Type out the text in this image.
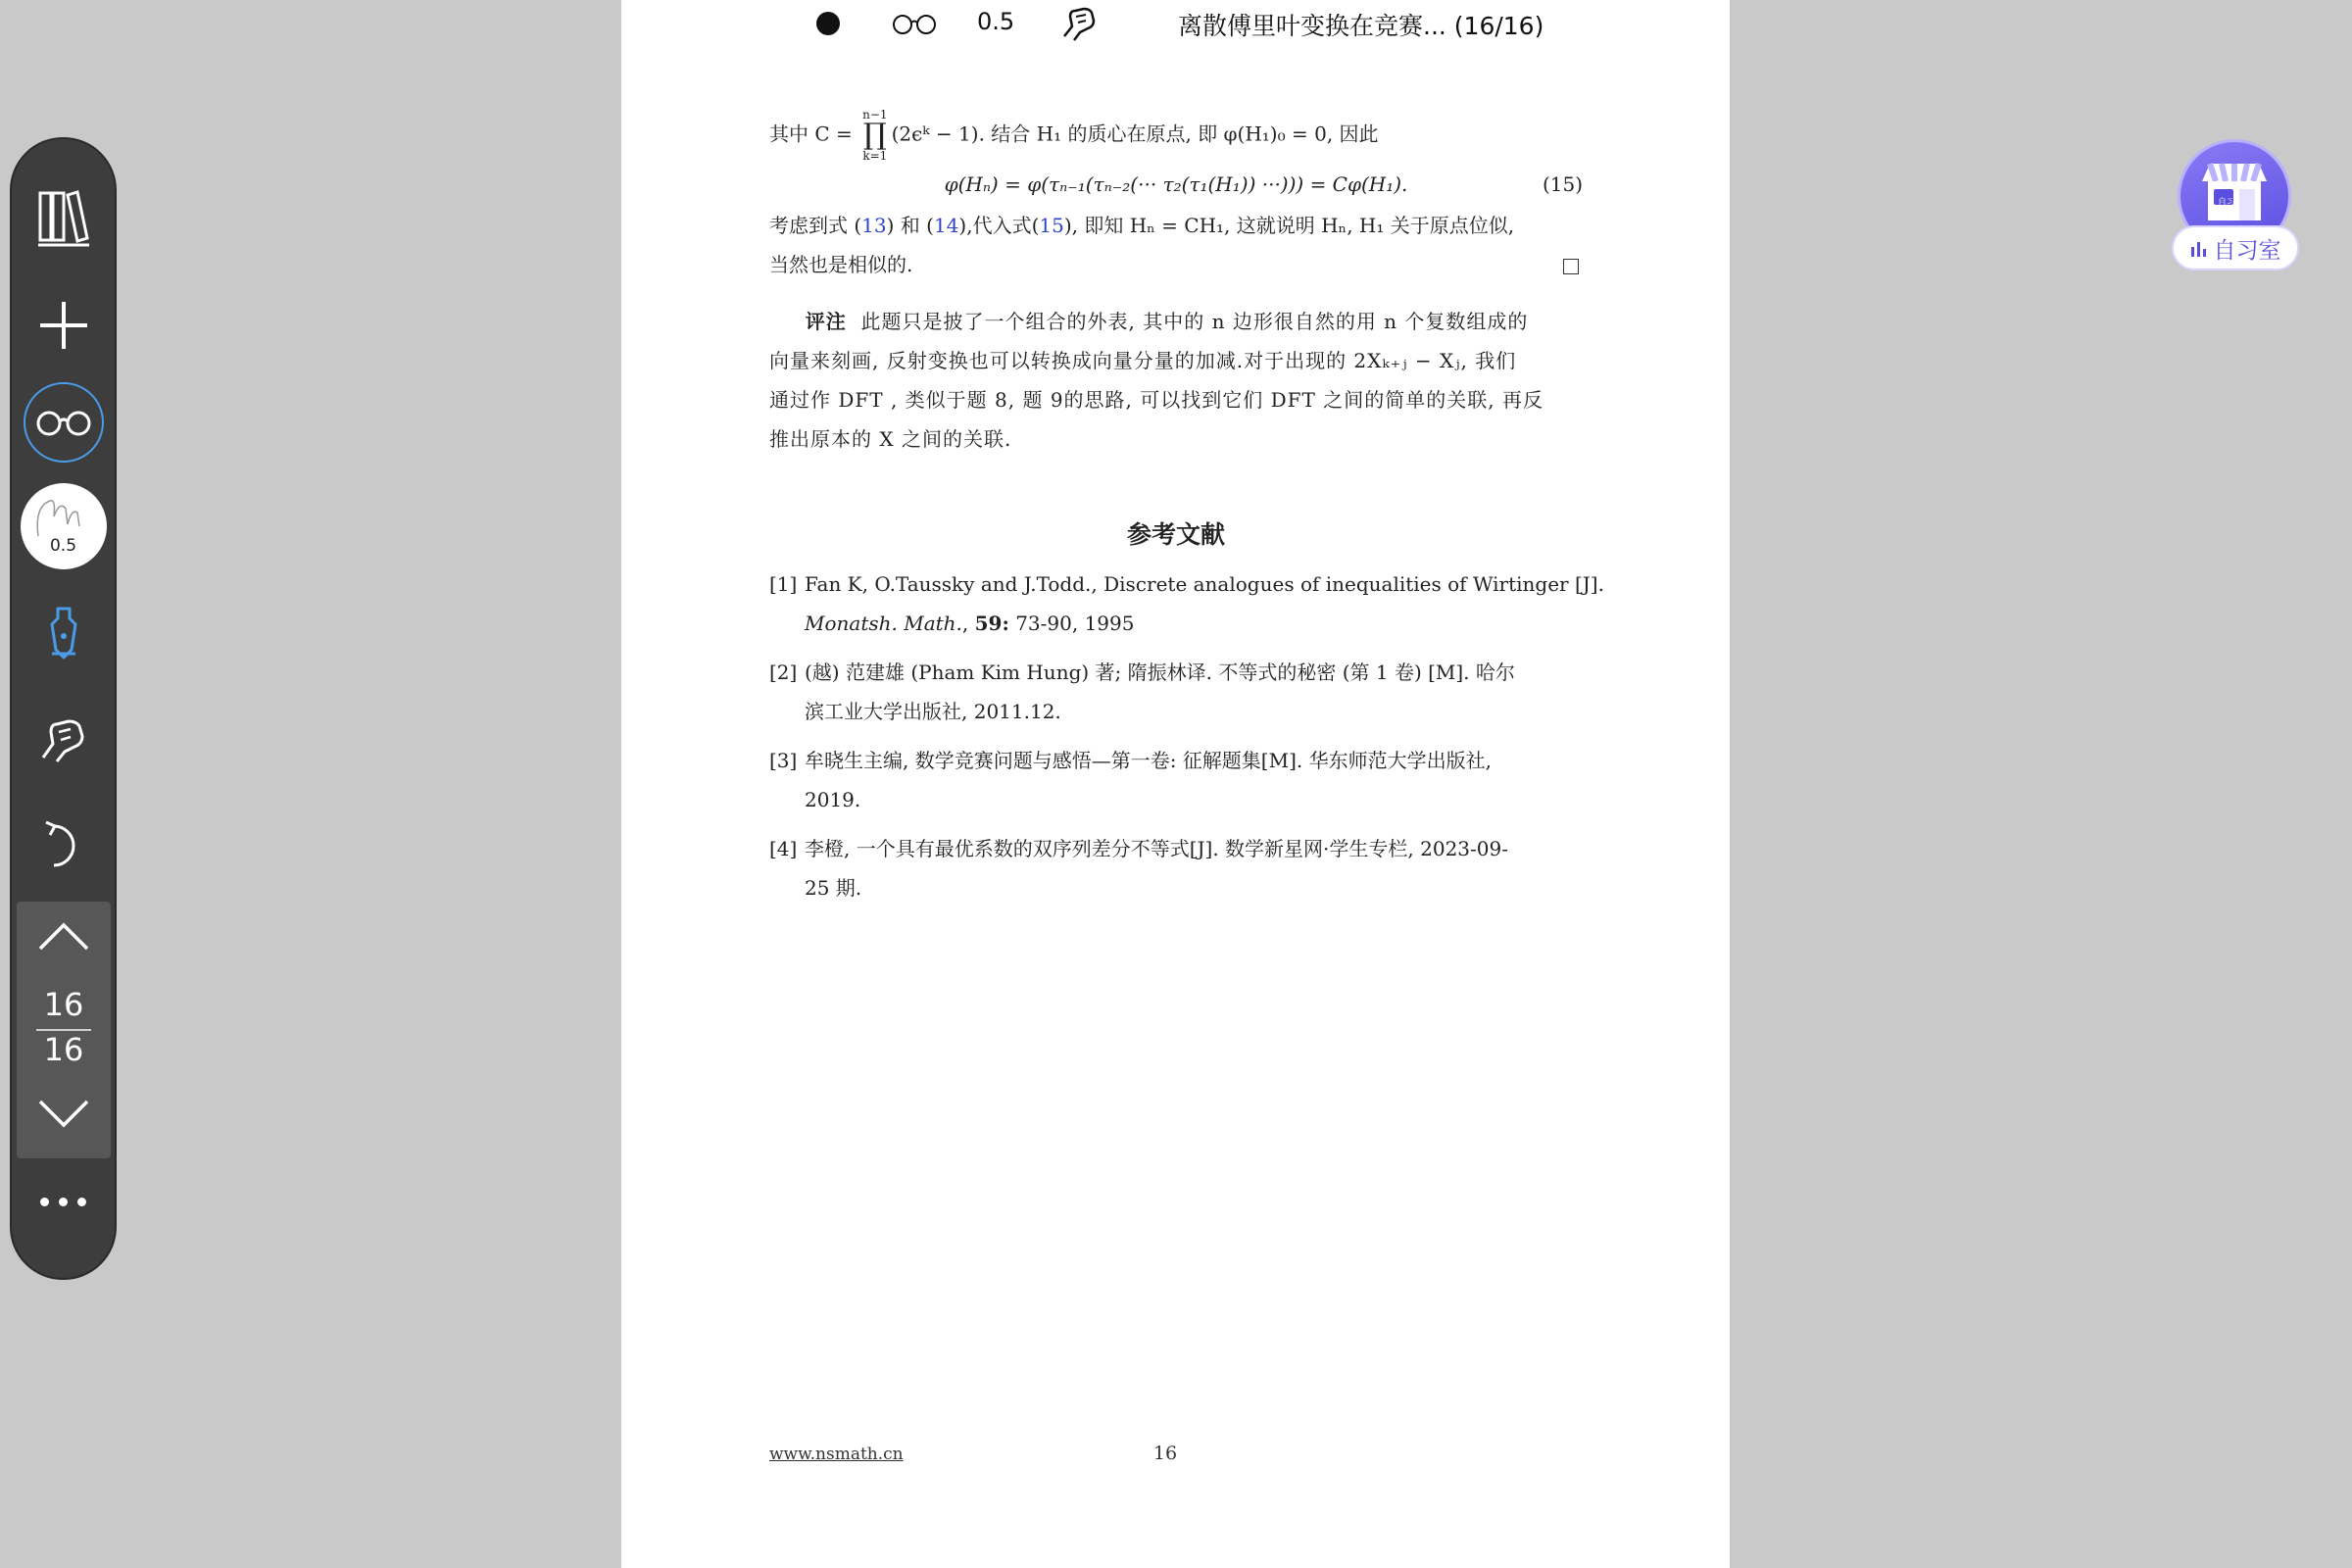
0.5	离散傅里叶变换在竞赛... (16/16)
其中 C =
n−1
∏
k=1
(2ϵᵏ − 1). 结合 H₁ 的质心在原点, 即 φ(H₁)₀ = 0, 因此
φ(Hₙ) = φ(τₙ₋₁(τₙ₋₂(··· τ₂(τ₁(H₁)) ···))) = Cφ(H₁).	(15)
考虑到式 (13) 和 (14),代入式(15), 即知 Hₙ = CH₁, 这就说明 Hₙ, H₁ 关于原点位似,
当然也是相似的.
评注 此题只是披了一个组合的外表, 其中的 n 边形很自然的用 n 个复数组成的
向量来刻画, 反射变换也可以转换成向量分量的加减.对于出现的 2Xₖ₊ⱼ − Xⱼ, 我们
通过作 DFT , 类似于题 8, 题 9的思路, 可以找到它们 DFT 之间的简单的关联, 再反
推出原本的 X 之间的关联.
参考文献
[1] Fan K, O.Taussky and J.Todd., Discrete analogues of inequalities of Wirtinger [J].
Monatsh. Math., 59: 73-90, 1995
[2] (越) 范建雄 (Pham Kim Hung) 著; 隋振林译. 不等式的秘密 (第 1 卷) [M]. 哈尔
滨工业大学出版社, 2011.12.
[3] 牟晓生主编, 数学竞赛问题与感悟—第一卷: 征解题集[M]. 华东师范大学出版社,
2019.
[4] 李橙, 一个具有最优系数的双序列差分不等式[J]. 数学新星网·学生专栏, 2023-09-
25 期.
www.nsmath.cn	16
0.5
16
16
自习
自习室
